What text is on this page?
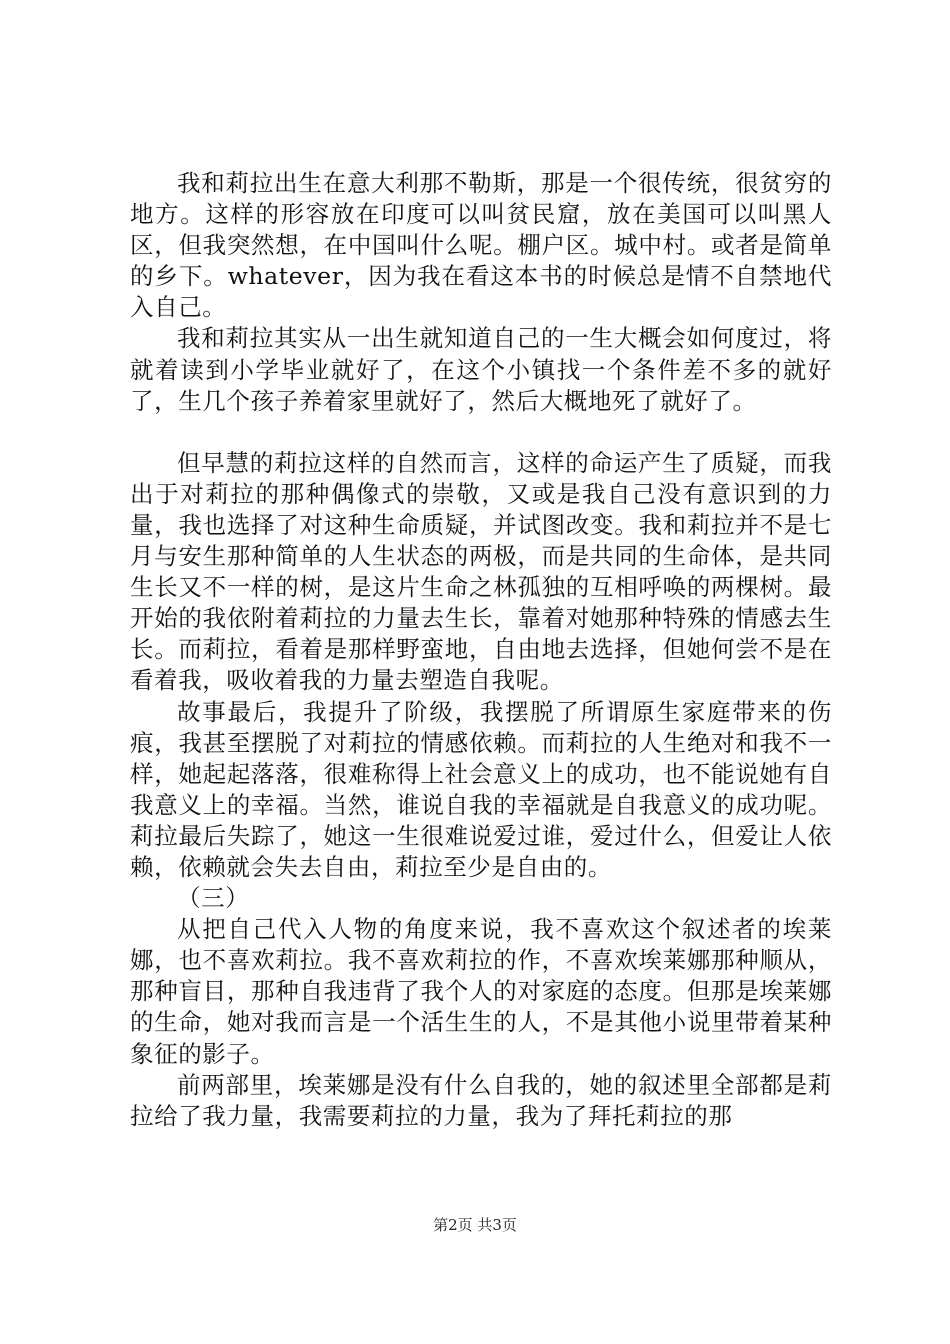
我和莉拉出生在意大利那不勒斯，那是一个很传统，很贫穷的地方。这样的形容放在印度可以叫贫民窟，放在美国可以叫黑人区，但我突然想，在中国叫什么呢。棚户区。城中村。或者是简单的乡下。whatever，因为我在看这本书的时候总是情不自禁地代入自己。

我和莉拉其实从一出生就知道自己的一生大概会如何度过，将就着读到小学毕业就好了，在这个小镇找一个条件差不多的就好了，生几个孩子养着家里就好了，然后大概地死了就好了。

但早慧的莉拉这样的自然而言，这样的命运产生了质疑，而我出于对莉拉的那种偶像式的崇敬，又或是我自己没有意识到的力量，我也选择了对这种生命质疑，并试图改变。我和莉拉并不是七月与安生那种简单的人生状态的两极，而是共同的生命体，是共同生长又不一样的树，是这片生命之林孤独的互相呼唤的两棵树。最开始的我依附着莉拉的力量去生长，靠着对她那种特殊的情感去生长。而莉拉，看着是那样野蛮地，自由地去选择，但她何尝不是在看着我，吸收着我的力量去塑造自我呢。

故事最后，我提升了阶级，我摆脱了所谓原生家庭带来的伤痕，我甚至摆脱了对莉拉的情感依赖。而莉拉的人生绝对和我不一样，她起起落落，很难称得上社会意义上的成功，也不能说她有自我意义上的幸福。当然，谁说自我的幸福就是自我意义的成功呢。莉拉最后失踪了，她这一生很难说爱过谁，爱过什么，但爱让人依赖，依赖就会失去自由，莉拉至少是自由的。

（三）

从把自己代入人物的角度来说，我不喜欢这个叙述者的埃莱娜，也不喜欢莉拉。我不喜欢莉拉的作，不喜欢埃莱娜那种顺从，那种盲目，那种自我违背了我个人的对家庭的态度。但那是埃莱娜的生命，她对我而言是一个活生生的人，不是其他小说里带着某种象征的影子。

前两部里，埃莱娜是没有什么自我的，她的叙述里全部都是莉拉给了我力量，我需要莉拉的力量，我为了拜托莉拉的那

第2页 共3页
